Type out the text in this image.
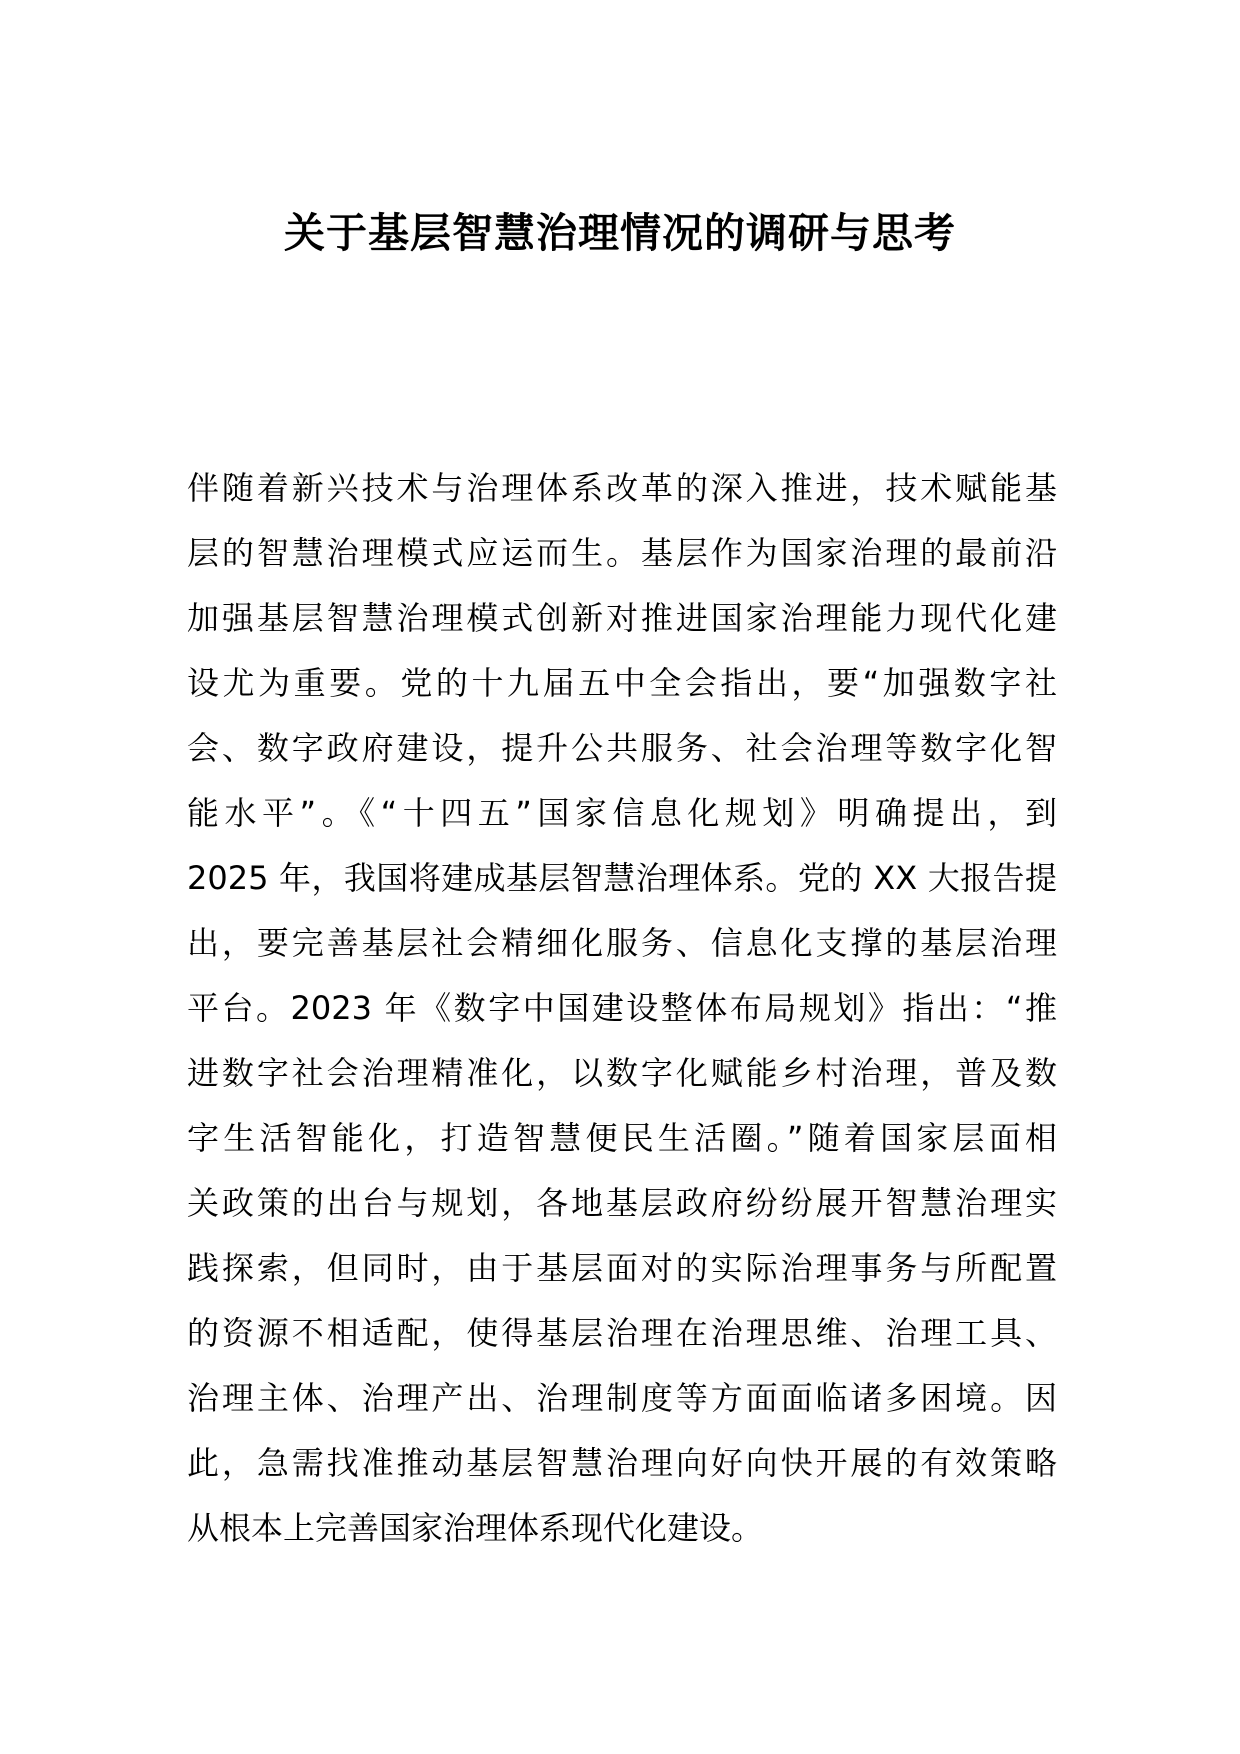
关于基层智慧治理情况的调研与思考
伴随着新兴技术与治理体系改革的深入推进，技术赋能基
层的智慧治理模式应运而生。基层作为国家治理的最前沿
加强基层智慧治理模式创新对推进国家治理能力现代化建
设尤为重要。党的十九届五中全会指出，要“加强数字社
会、数字政府建设，提升公共服务、社会治理等数字化智
能水平”。《“十四五”国家信息化规划》明确提出，到
2025 年，我国将建成基层智慧治理体系。党的 XX 大报告提
出，要完善基层社会精细化服务、信息化支撑的基层治理
平台。2023 年《数字中国建设整体布局规划》指出：“推
进数字社会治理精准化，以数字化赋能乡村治理，普及数
字生活智能化，打造智慧便民生活圈。”随着国家层面相
关政策的出台与规划，各地基层政府纷纷展开智慧治理实
践探索，但同时，由于基层面对的实际治理事务与所配置
的资源不相适配，使得基层治理在治理思维、治理工具、
治理主体、治理产出、治理制度等方面面临诸多困境。因
此，急需找准推动基层智慧治理向好向快开展的有效策略
从根本上完善国家治理体系现代化建设。
